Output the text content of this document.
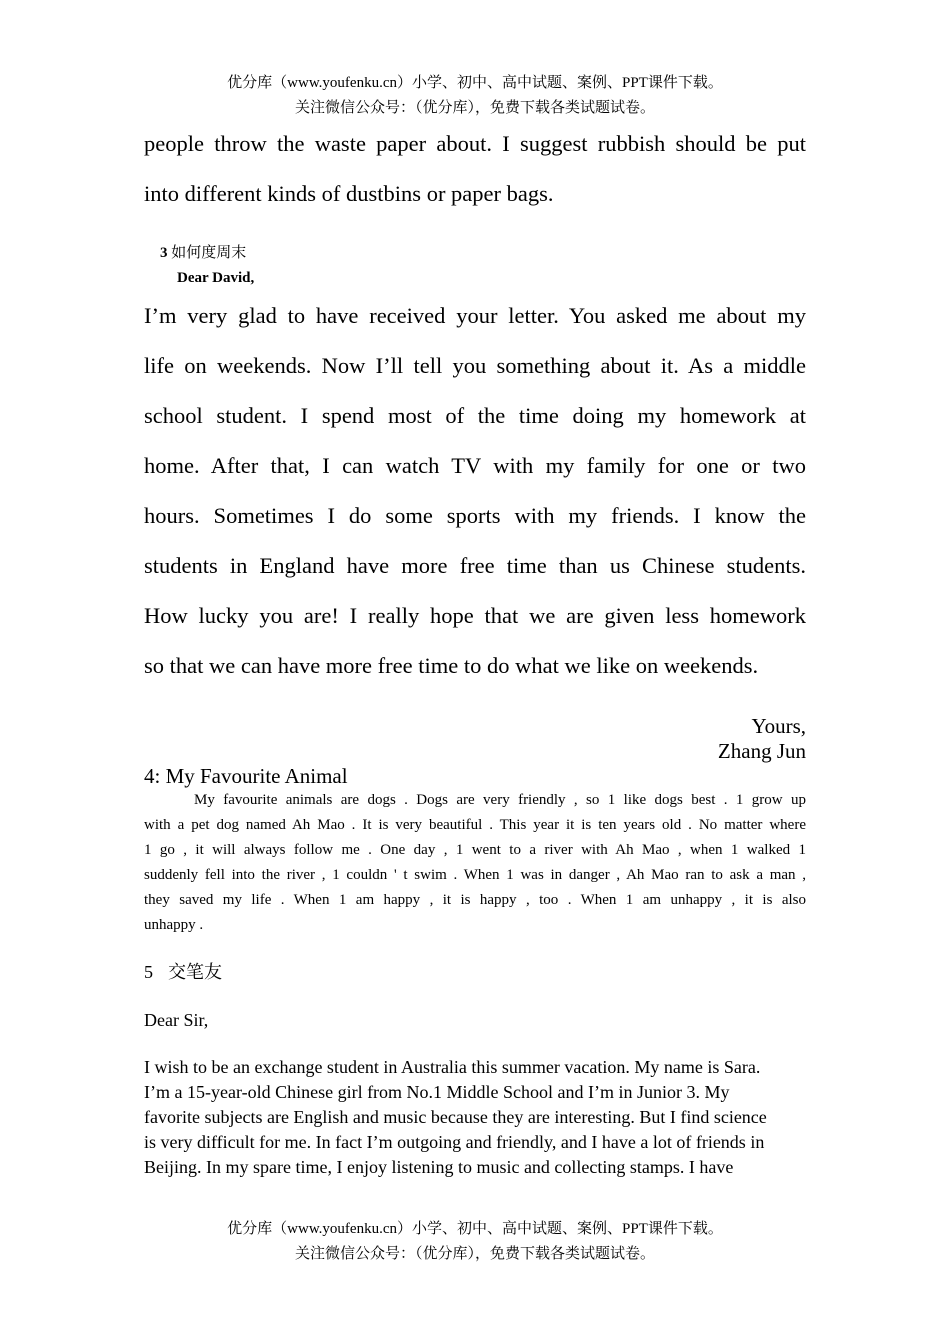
优分库（www.youfenku.cn）小学、初中、高中试题、案例、PPT课件下载。
关注微信公众号：（优分库），免费下载各类试题试卷。
people throw the waste paper about. I suggest rubbish should be put
into different kinds of dustbins or paper bags.
3 如何度周末
Dear David,
I’m very glad to have received your letter. You asked me about my
life on weekends. Now I’ll tell you something about it. As a middle
school student. I spend most of the time doing my homework at
home. After that, I can watch TV with my family for one or two
hours. Sometimes I do some sports with my friends. I know the
students in England have more free time than us Chinese students.
How lucky you are! I really hope that we are given less homework
so that we can have more free time to do what we like on weekends.
Yours,
Zhang Jun
4: My Favourite Animal
My favourite animals are dogs . Dogs are very friendly , so 1 like dogs best . 1 grow up
with a pet dog named Ah Mao . It is very beautiful . This year it is ten years old . No matter where
1 go , it will always follow me . One day , 1 went to a river with Ah Mao , when 1 walked 1
suddenly fell into the river , 1 couldn ' t swim . When 1 was in danger , Ah Mao ran to ask a man ,
they saved my life . When 1 am happy , it is happy , too . When 1 am unhappy , it is also
unhappy .
5 交笔友
Dear Sir,
I wish to be an exchange student in Australia this summer vacation. My name is Sara.
I’m a 15-year-old Chinese girl from No.1 Middle School and I’m in Junior 3. My
favorite subjects are English and music because they are interesting. But I find science
is very difficult for me. In fact I’m outgoing and friendly, and I have a lot of friends in
Beijing. In my spare time, I enjoy listening to music and collecting stamps. I have
优分库（www.youfenku.cn）小学、初中、高中试题、案例、PPT课件下载。
关注微信公众号：（优分库），免费下载各类试题试卷。
